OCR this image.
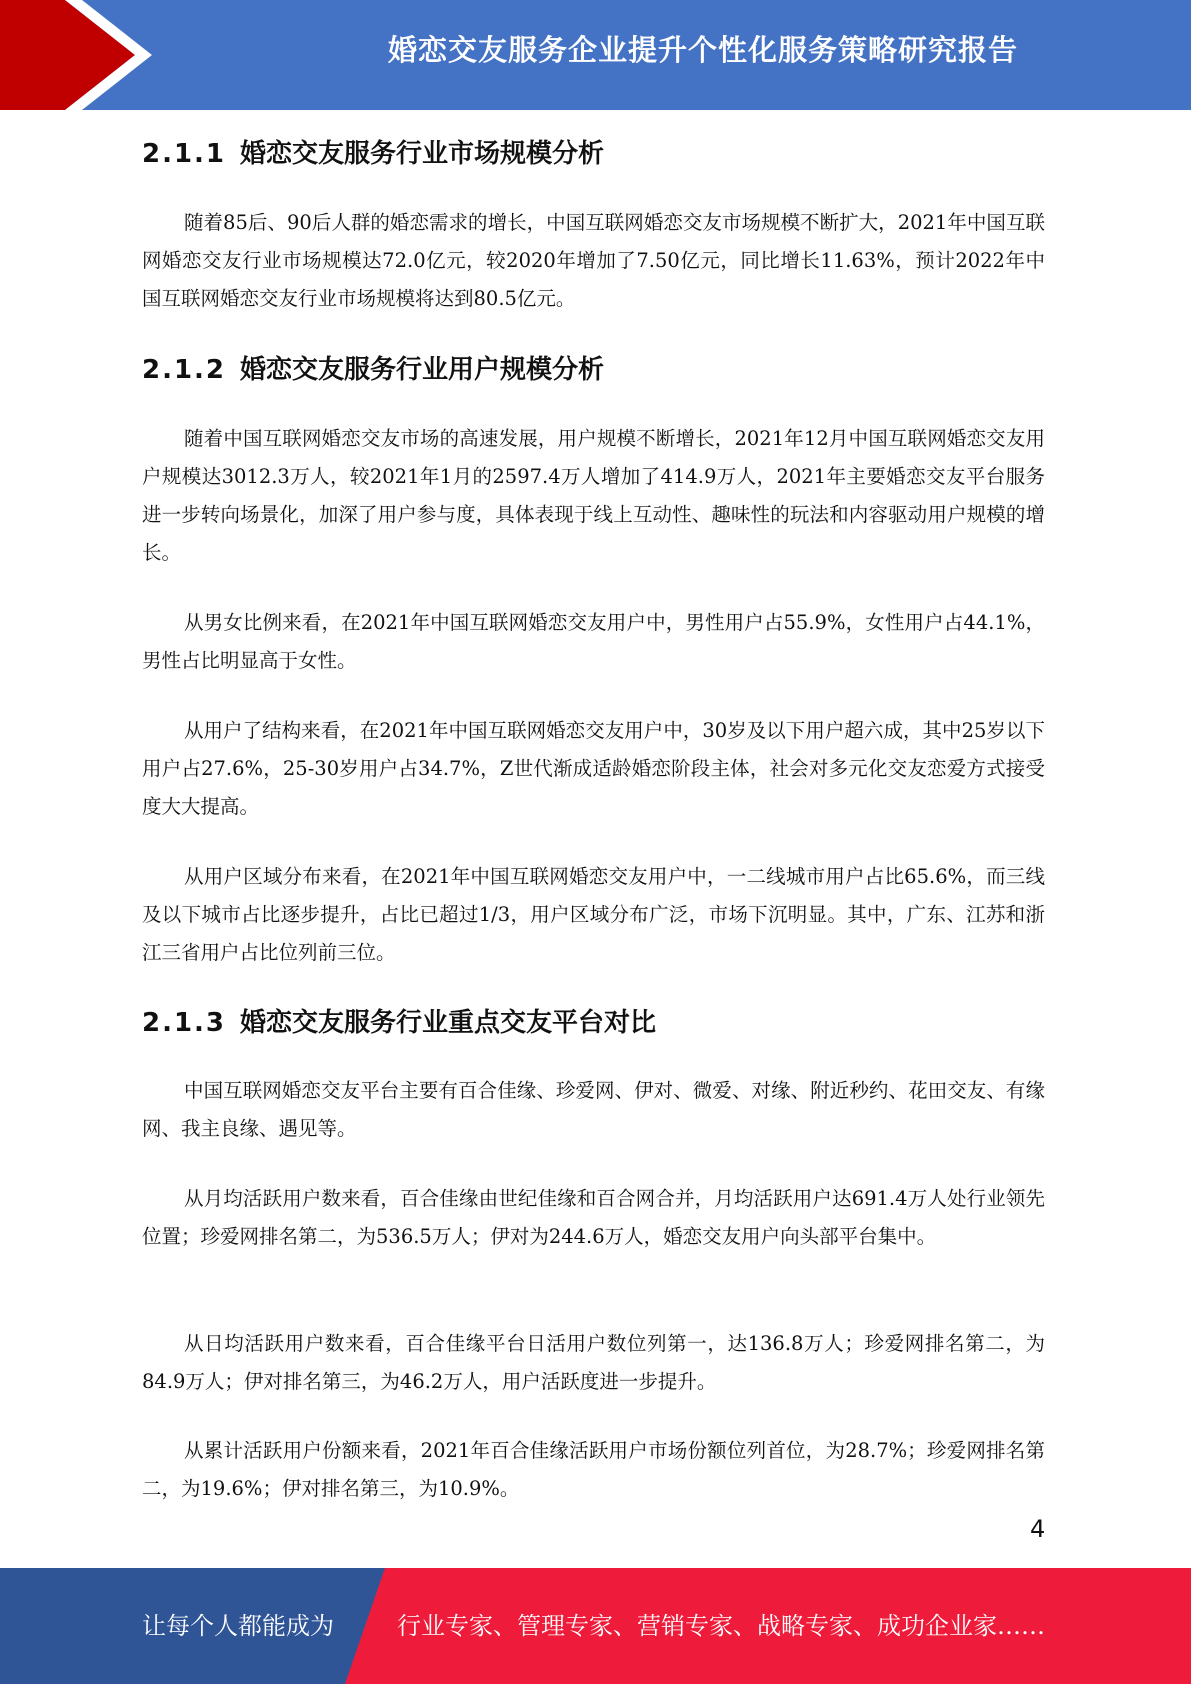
婚恋交友服务企业提升个性化服务策略研究报告
2.1.1 婚恋交友服务行业市场规模分析

随着85后、90后人群的婚恋需求的增长，中国互联网婚恋交友市场规模不断扩大，2021年中国互联网婚恋交友行业市场规模达72.0亿元，较2020年增加了7.50亿元，同比增长11.63%，预计2022年中国互联网婚恋交友行业市场规模将达到80.5亿元。

2.1.2 婚恋交友服务行业用户规模分析

随着中国互联网婚恋交友市场的高速发展，用户规模不断增长，2021年12月中国互联网婚恋交友用户规模达3012.3万人，较2021年1月的2597.4万人增加了414.9万人，2021年主要婚恋交友平台服务进一步转向场景化，加深了用户参与度，具体表现于线上互动性、趣味性的玩法和内容驱动用户规模的增长。

从男女比例来看，在2021年中国互联网婚恋交友用户中，男性用户占55.9%，女性用户占44.1%，男性占比明显高于女性。

从用户了结构来看，在2021年中国互联网婚恋交友用户中，30岁及以下用户超六成，其中25岁以下用户占27.6%，25-30岁用户占34.7%，Z世代渐成适龄婚恋阶段主体，社会对多元化交友恋爱方式接受度大大提高。

从用户区域分布来看，在2021年中国互联网婚恋交友用户中，一二线城市用户占比65.6%，而三线及以下城市占比逐步提升，占比已超过1/3，用户区域分布广泛，市场下沉明显。其中，广东、江苏和浙江三省用户占比位列前三位。

2.1.3 婚恋交友服务行业重点交友平台对比

中国互联网婚恋交友平台主要有百合佳缘、珍爱网、伊对、微爱、对缘、附近秒约、花田交友、有缘网、我主良缘、遇见等。

从月均活跃用户数来看，百合佳缘由世纪佳缘和百合网合并，月均活跃用户达691.4万人处行业领先位置；珍爱网排名第二，为536.5万人；伊对为244.6万人，婚恋交友用户向头部平台集中。

从日均活跃用户数来看，百合佳缘平台日活用户数位列第一，达136.8万人；珍爱网排名第二，为84.9万人；伊对排名第三，为46.2万人，用户活跃度进一步提升。

从累计活跃用户份额来看，2021年百合佳缘活跃用户市场份额位列首位，为28.7%；珍爱网排名第二，为19.6%；伊对排名第三，为10.9%。

4
让每个人都能成为	行业专家、管理专家、营销专家、战略专家、成功企业家……
